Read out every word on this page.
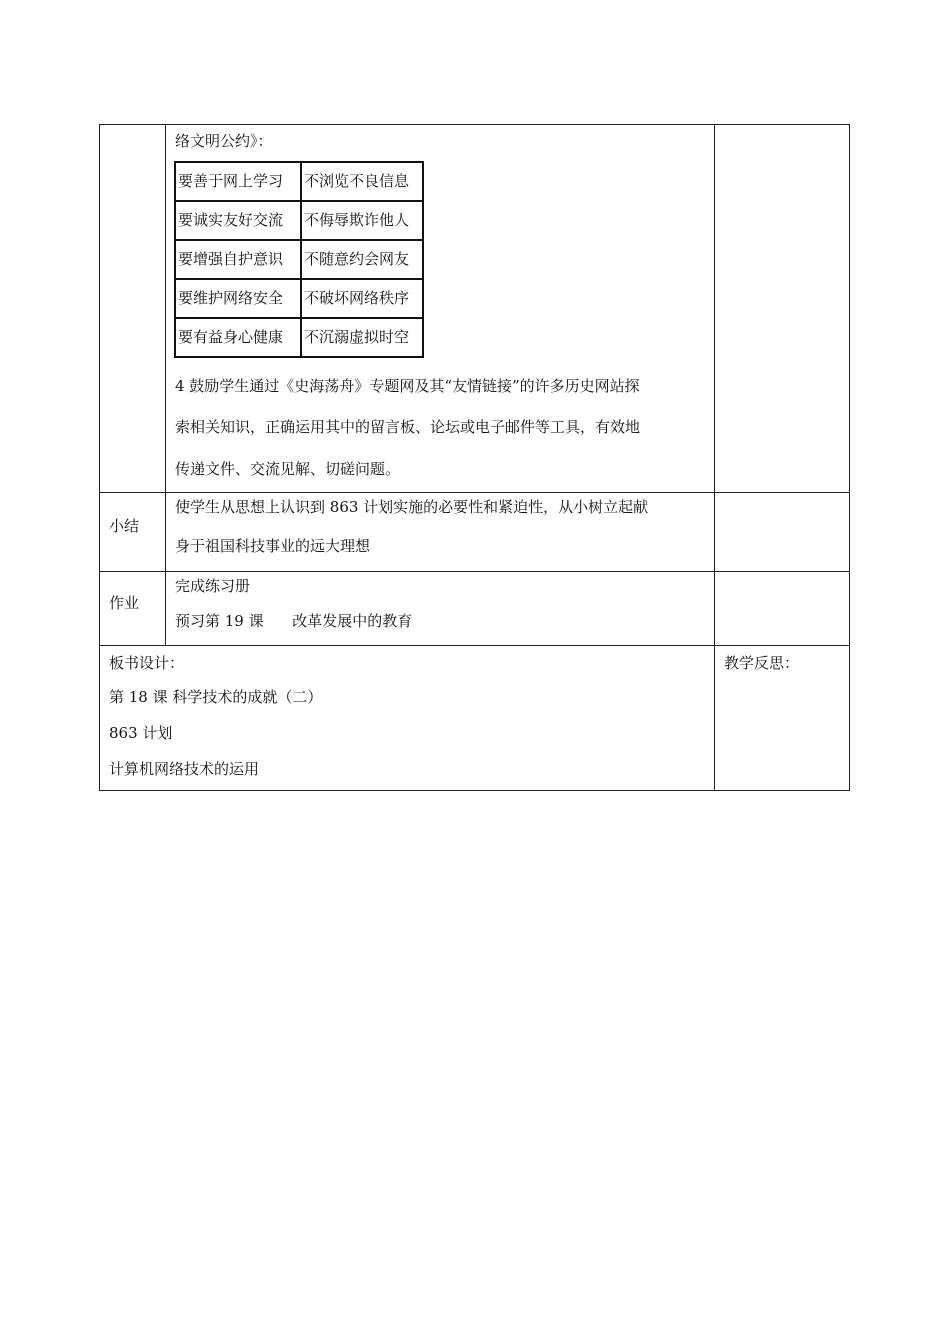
络文明公约》：
要善于网上学习	不浏览不良信息
要诚实友好交流	不侮辱欺诈他人
要增强自护意识	不随意约会网友
要维护网络安全	不破坏网络秩序
要有益身心健康	不沉溺虚拟时空
4 鼓励学生通过《史海荡舟》专题网及其“友情链接”的许多历史网站探
索相关知识，正确运用其中的留言板、论坛或电子邮件等工具，有效地
传递文件、交流见解、切磋问题。
小结
使学生从思想上认识到 863 计划实施的必要性和紧迫性，从小树立起献
身于祖国科技事业的远大理想
作业
完成练习册
预习第 19 课      改革发展中的教育
板书设计：
第 18 课 科学技术的成就（二）
863 计划
计算机网络技术的运用
教学反思：
